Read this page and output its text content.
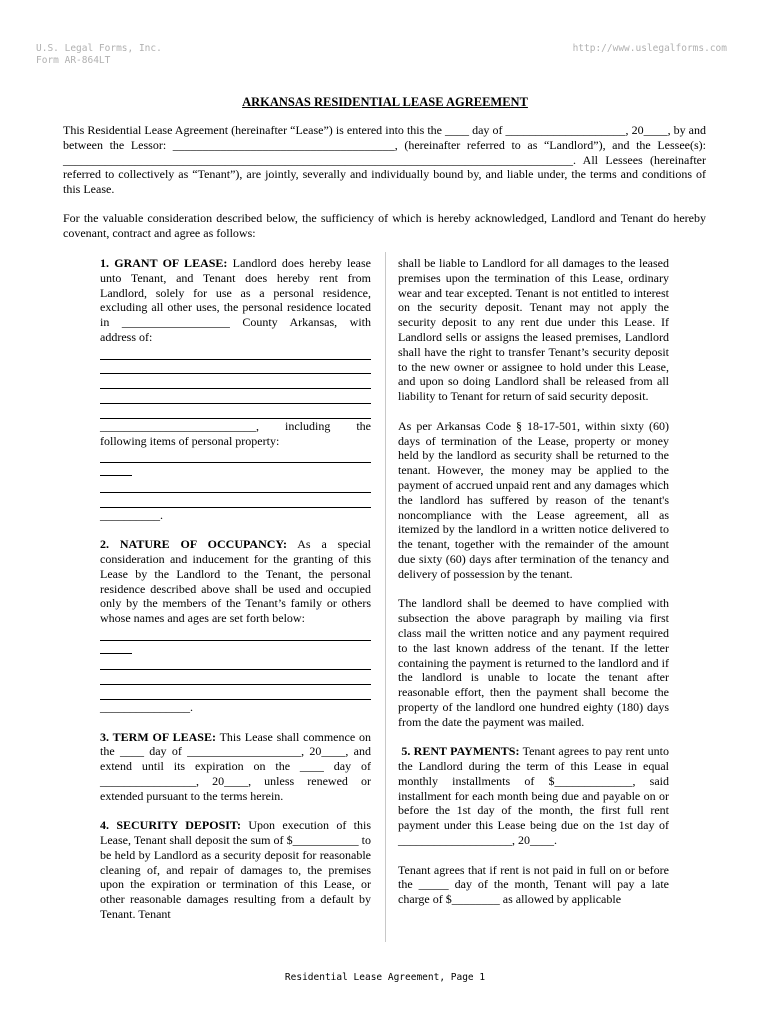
U.S. Legal Forms, Inc.
Form AR-864LT
http://www.uslegalforms.com
ARKANSAS RESIDENTIAL LEASE AGREEMENT
This Residential Lease Agreement (hereinafter “Lease”) is entered into this the ____ day of ____________________, 20____, by and between the Lessor: _____________________________________, (hereinafter referred to as “Landlord”), and the Lessee(s): _____________________________________________________________________________________. All Lessees (hereinafter referred to collectively as “Tenant”), are jointly, severally and individually bound by, and liable under, the terms and conditions of this Lease.
For the valuable consideration described below, the sufficiency of which is hereby acknowledged, Landlord and Tenant do hereby covenant, contract and agree as follows:

1. GRANT OF LEASE: Landlord does hereby lease unto Tenant, and Tenant does hereby rent from Landlord, solely for use as a personal residence, excluding all other uses, the personal residence located in __________________ County Arkansas, with address of:

__________________________, including the following items of personal property:

__________.

2. NATURE OF OCCUPANCY: As a special consideration and inducement for the granting of this Lease by the Landlord to the Tenant, the personal residence described above shall be used and occupied only by the members of the Tenant’s family or others whose names and ages are set forth below:

_______________.

3. TERM OF LEASE: This Lease shall commence on the ____ day of ___________________, 20____, and extend until its expiration on the ____ day of ________________, 20____, unless renewed or extended pursuant to the terms herein.

4. SECURITY DEPOSIT: Upon execution of this Lease, Tenant shall deposit the sum of $___________ to be held by Landlord as a security deposit for reasonable cleaning of, and repair of damages to, the premises upon the expiration or termination of this Lease, or other reasonable damages resulting from a default by Tenant. Tenant

shall be liable to Landlord for all damages to the leased premises upon the termination of this Lease, ordinary wear and tear excepted. Tenant is not entitled to interest on the security deposit. Tenant may not apply the security deposit to any rent due under this Lease. If Landlord sells or assigns the leased premises, Landlord shall have the right to transfer Tenant’s security deposit to the new owner or assignee to hold under this Lease, and upon so doing Landlord shall be released from all liability to Tenant for return of said security deposit.

As per Arkansas Code § 18-17-501, within sixty (60) days of termination of the Lease, property or money held by the landlord as security shall be returned to the tenant. However, the money may be applied to the payment of accrued unpaid rent and any damages which the landlord has suffered by reason of the tenant's noncompliance with the Lease agreement, all as itemized by the landlord in a written notice delivered to the tenant, together with the remainder of the amount due sixty (60) days after termination of the tenancy and delivery of possession by the tenant.

The landlord shall be deemed to have complied with subsection the above paragraph by mailing via first class mail the written notice and any payment required to the last known address of the tenant. If the letter containing the payment is returned to the landlord and if the landlord is unable to locate the tenant after reasonable effort, then the payment shall become the property of the landlord one hundred eighty (180) days from the date the payment was mailed.

5. RENT PAYMENTS: Tenant agrees to pay rent unto the Landlord during the term of this Lease in equal monthly installments of $_____________, said installment for each month being due and payable on or before the 1st day of the month, the first full rent payment under this Lease being due on the 1st day of ___________________, 20____.

Tenant agrees that if rent is not paid in full on or before the _____ day of the month, Tenant will pay a late charge of $________ as allowed by applicable

Residential Lease Agreement, Page 1
